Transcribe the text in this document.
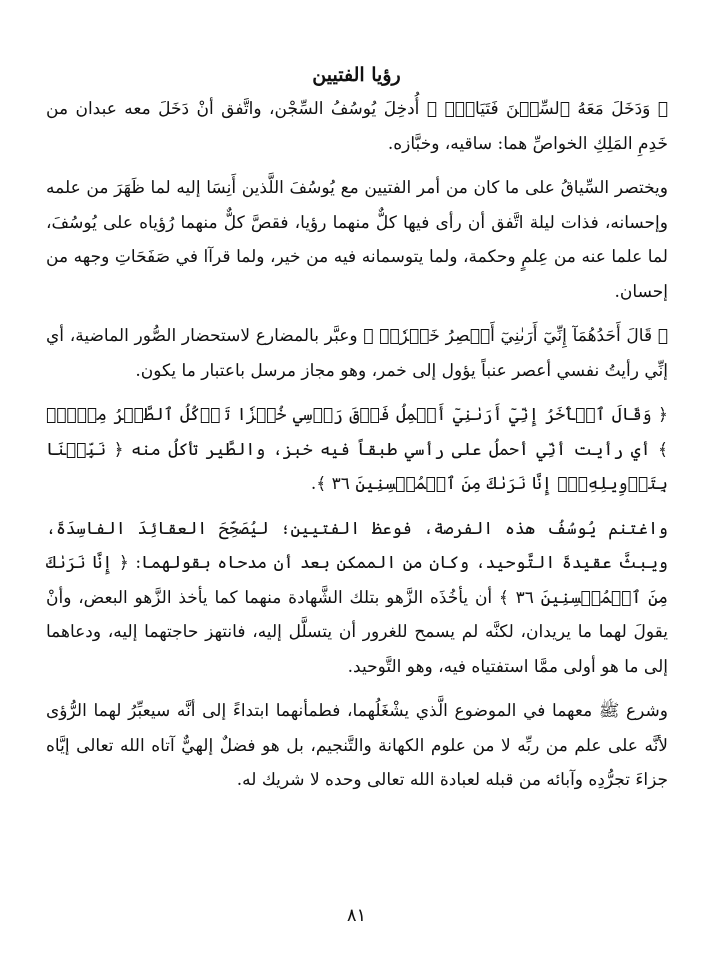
رؤيا الفتيين

﴿ وَدَخَلَ مَعَهُ ٱلسِّجۡنَ فَتَيَانِۖ ﴾ أُدخِلَ يُوسُفُ السِّجْن، واتَّفق أنْ دَخَلَ معه عبدان من خَدِمِ المَلِكِ الخواصِّ هما: ساقيه، وخبَّازه.

ويختصر السِّياقُ على ما كان من أمر الفتيين مع يُوسُفَ اللَّذين أَنِسَا إليه لما ظَهَرَ من علمه وإحسانه، فذات ليلة اتَّفق أن رأى فيها كلٌّ منهما رؤيا، فقصَّ كلٌّ منهما رُؤياه على يُوسُفَ، لما علما عنه من عِلمٍ وحكمة، ولما يتوسمانه فيه من خير، ولما قرآا في صَفَحَاتِ وجهه من إحسان.

﴿ قَالَ أَحَدُهُمَآ إِنِّيٓ أَرَىٰنِيٓ أَعۡصِرُ خَمۡرٗاۖ ﴾ وعبَّر بالمضارع لاستحضار الصُّور الماضية، أي إنِّي رأيتُ نفسي أعصر عنباً يؤول إلى خمر، وهو مجاز مرسل باعتبار ما يكون.

﴿ وَقَالَ ٱلۡأٓخَرُ إِنِّيٓ أَرَىٰنِيٓ أَحۡمِلُ فَوۡقَ رَأۡسِي خُبۡزٗا تَأۡكُلُ ٱلطَّيۡرُ مِنۡهُۖ ﴾ أي رأيت أنِّي أحملُ على رأسي طبقاً فيه خبز، والطَّير تأكلُ منه ﴿ نَبِّئۡنَا بِتَأۡوِيلِهِۦٓۖ إِنَّا نَرَىٰكَ مِنَ ٱلۡمُحۡسِنِينَ ٣٦ ﴾.

واغتنم يُوسُفُ هذه الفرصة، فوعظ الفتيين؛ ليُصَحِّحَ العقائِدَ الفاسِدَةَ، ويبثَّ عقيدةَ التَّوحيد، وكان من الممكن بعد أن مدحاه بقولهما: ﴿ إِنَّا نَرَىٰكَ مِنَ ٱلۡمُحۡسِنِينَ ٣٦ ﴾ أن يأخُذَه الزَّهو بتلك الشَّهادة منهما كما يأخذ الزَّهو البعض، وأنْ يقولَ لهما ما يريدان، لكنَّه لم يسمح للغرور أن يتسلَّل إليه، فانتهز حاجتهما إليه، ودعاهما إلى ما هو أولى ممَّا استفتياه فيه، وهو التَّوحيد.

وشرع ﷺ معهما في الموضوع الَّذي يشْغَلُهما، فطمأنهما ابتداءً إلى أنَّه سيعبِّرُ لهما الرُّؤى لأنَّه على علم من ربِّه لا من علوم الكهانة والتَّنجيم، بل هو فضلٌ إلهيٌّ آتاه الله تعالى إيَّاه جزاءَ تجرُّدِه وآبائه من قبله لعبادة الله تعالى وحده لا شريك له.

٨١
